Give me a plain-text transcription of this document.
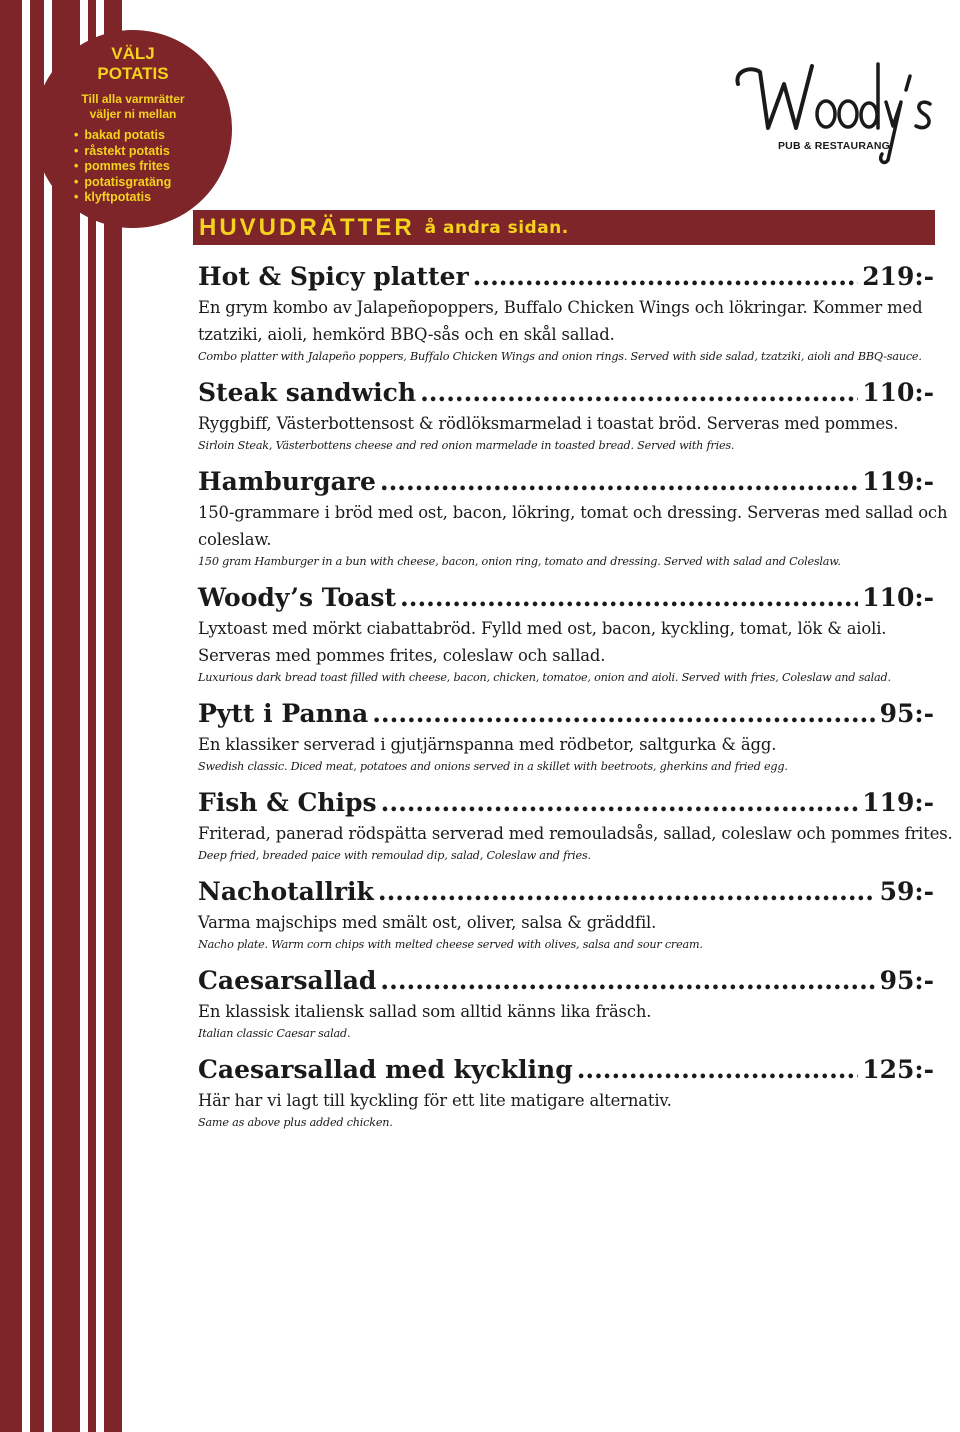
VÄLJ
POTATIS
Till alla varmrätter
väljer ni mellan
• bakad potatis
• råstekt potatis
• pommes frites
• potatisgratäng
• klyftpotatis
PUB & RESTAURANG
HUVUDRÄTTER å andra sidan.
Hot & Spicy platter .....	219:-

En grym kombo av Jalapeñopoppers, Buffalo Chicken Wings och lökringar. Kommer med tzatziki, aioli, hemkörd BBQ-sås och en skål sallad.

Combo platter with Jalapeño poppers, Buffalo Chicken Wings and onion rings. Served with side salad, tzatziki, aioli and BBQ-sauce.

Steak sandwich .....	110:-

Ryggbiff, Västerbottensost & rödlöksmarmelad i toastat bröd. Serveras med pommes.

Sirloin Steak, Västerbottens cheese and red onion marmelade in toasted bread. Served with fries.

Hamburgare .....	119:-

150-grammare i bröd med ost, bacon, lökring, tomat och dressing. Serveras med sallad och coleslaw.

150 gram Hamburger in a bun with cheese, bacon, onion ring, tomato and dressing. Served with salad and Coleslaw.

Woody’s Toast .....	110:-

Lyxtoast med mörkt ciabattabröd. Fylld med ost, bacon, kyckling, tomat, lök & aioli. Serveras med pommes frites, coleslaw och sallad.

Luxurious dark bread toast filled with cheese, bacon, chicken, tomatoe, onion and aioli. Served with fries, Coleslaw and salad.

Pytt i Panna .....	95:-

En klassiker serverad i gjutjärnspanna med rödbetor, saltgurka & ägg.

Swedish classic. Diced meat, potatoes and onions served in a skillet with beetroots, gherkins and fried egg.

Fish & Chips .....	119:-

Friterad, panerad rödspätta serverad med remouladsås, sallad, coleslaw och pommes frites.

Deep fried, breaded paice with remoulad dip, salad, Coleslaw and fries.

Nachotallrik .....	59:-

Varma majschips med smält ost, oliver, salsa & gräddfil.

Nacho plate. Warm corn chips with melted cheese served with olives, salsa and sour cream.

Caesarsallad .....	95:-

En klassisk italiensk sallad som alltid känns lika fräsch.

Italian classic Caesar salad.

Caesarsallad med kyckling .....	125:-

Här har vi lagt till kyckling för ett lite matigare alternativ.

Same as above plus added chicken.
